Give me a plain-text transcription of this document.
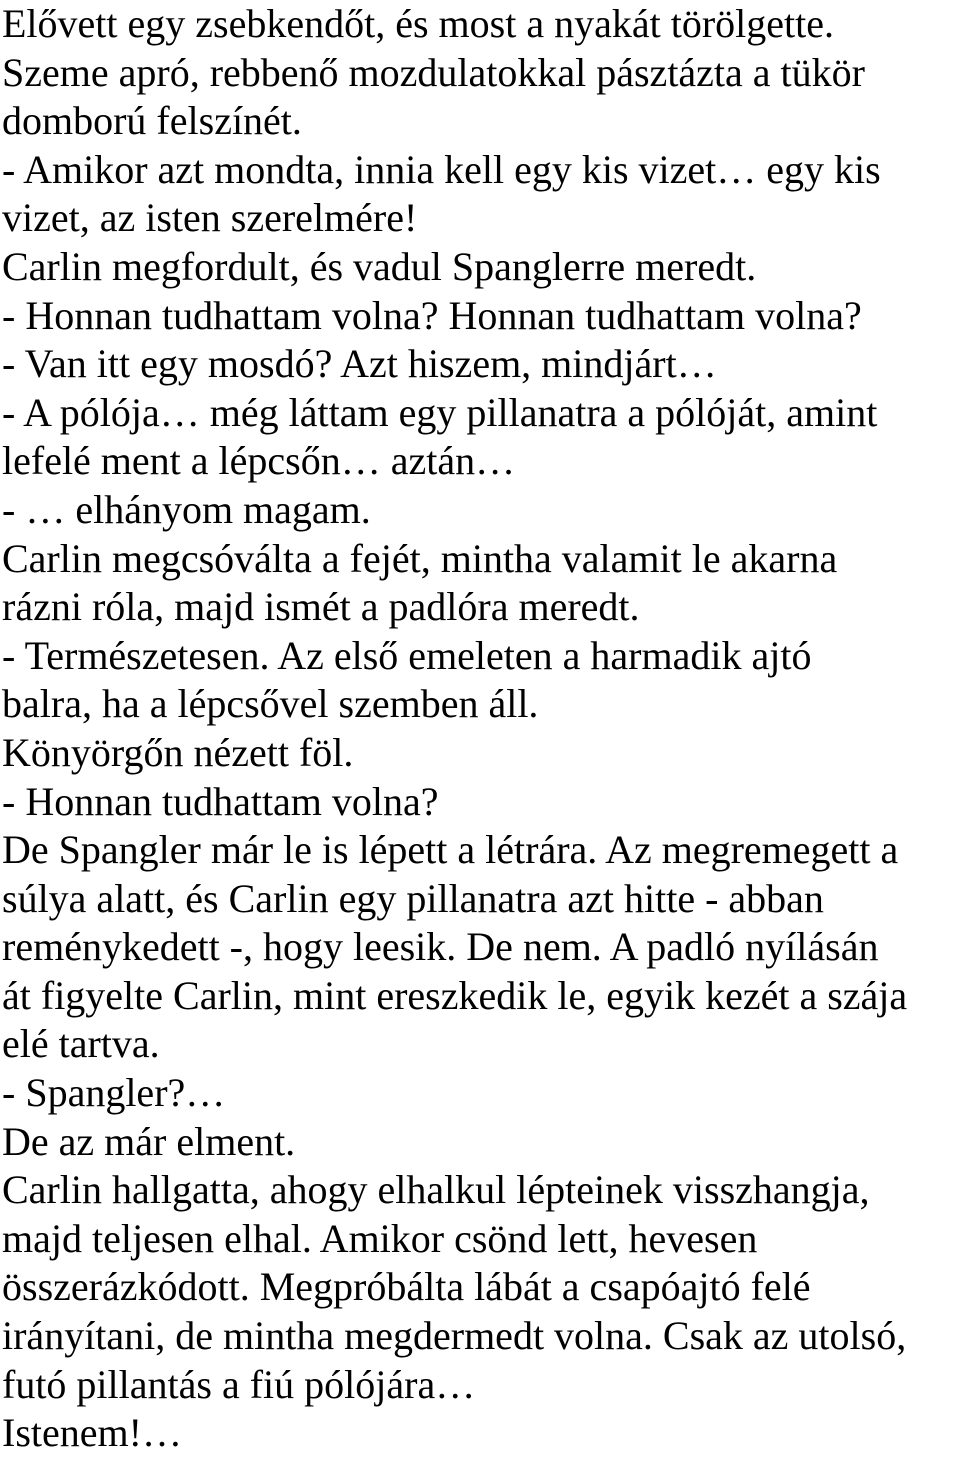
Elővett egy zsebkendőt, és most a nyakát törölgette.
Szeme apró, rebbenő mozdulatokkal pásztázta a tükör
domború felszínét.
- Amikor azt mondta, innia kell egy kis vizet… egy kis
vizet, az isten szerelmére!
Carlin megfordult, és vadul Spanglerre meredt.
- Honnan tudhattam volna? Honnan tudhattam volna?
- Van itt egy mosdó? Azt hiszem, mindjárt…
- A pólója… még láttam egy pillanatra a pólóját, amint
lefelé ment a lépcsőn… aztán…
- … elhányom magam.
Carlin megcsóválta a fejét, mintha valamit le akarna
rázni róla, majd ismét a padlóra meredt.
- Természetesen. Az első emeleten a harmadik ajtó
balra, ha a lépcsővel szemben áll.
Könyörgőn nézett föl.
- Honnan tudhattam volna?
De Spangler már le is lépett a létrára. Az megremegett a
súlya alatt, és Carlin egy pillanatra azt hitte - abban
reménykedett -, hogy leesik. De nem. A padló nyílásán
át figyelte Carlin, mint ereszkedik le, egyik kezét a szája
elé tartva.
- Spangler?…
De az már elment.
Carlin hallgatta, ahogy elhalkul lépteinek visszhangja,
majd teljesen elhal. Amikor csönd lett, hevesen
összerázkódott. Megpróbálta lábát a csapóajtó felé
irányítani, de mintha megdermedt volna. Csak az utolsó,
futó pillantás a fiú pólójára…
Istenem!…
